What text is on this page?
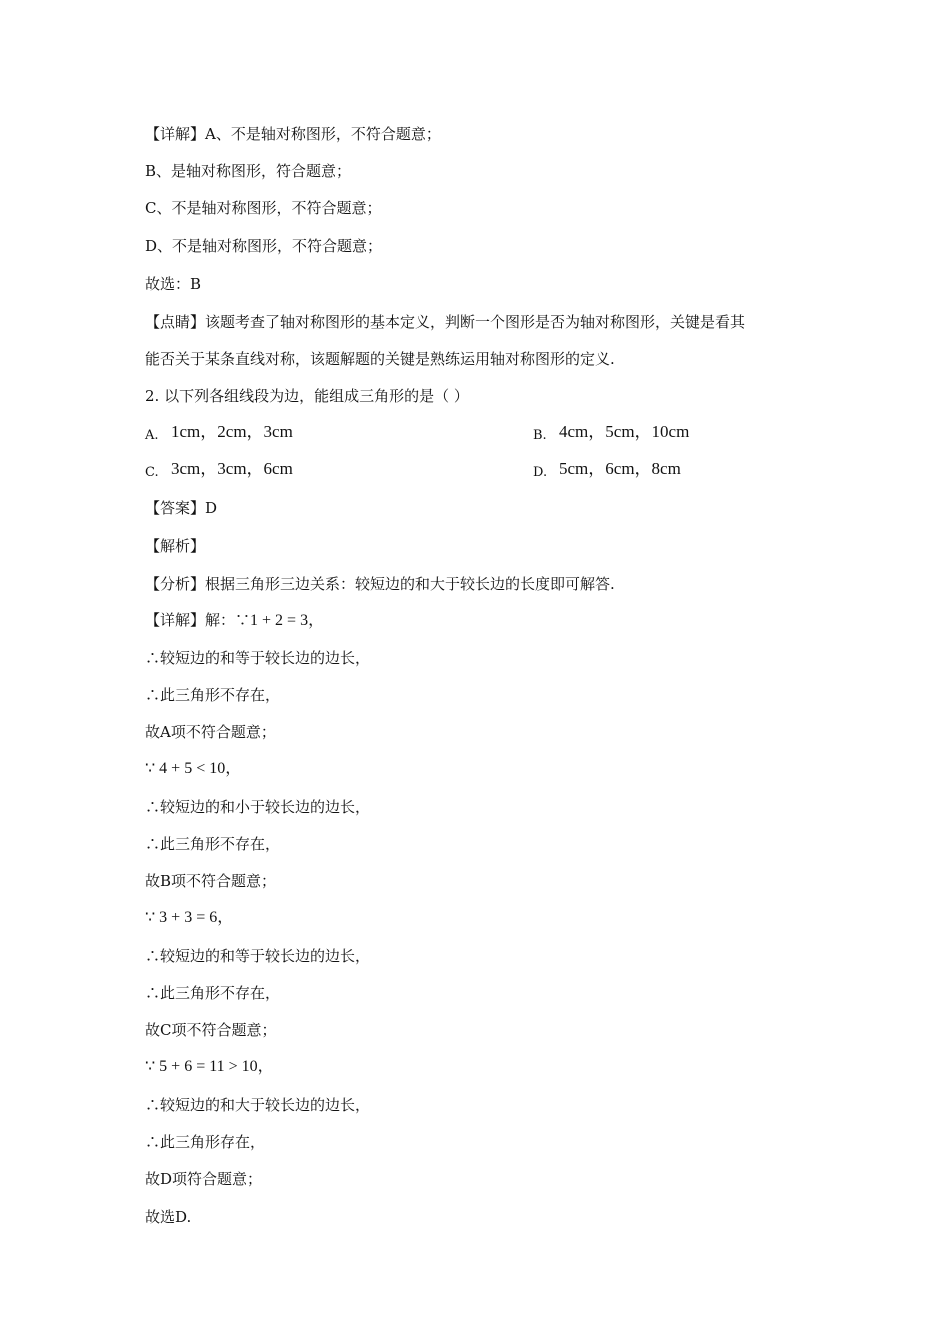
【详解】A、不是轴对称图形，不符合题意；
B、是轴对称图形，符合题意；
C、不是轴对称图形，不符合题意；
D、不是轴对称图形，不符合题意；
故选：B
【点睛】该题考查了轴对称图形的基本定义，判断一个图形是否为轴对称图形，关键是看其
能否关于某条直线对称，该题解题的关键是熟练运用轴对称图形的定义.
2. 以下列各组线段为边，能组成三角形的是（ ）
A. 1cm，2cm，3cm	B. 4cm，5cm，10cm
C. 3cm，3cm，6cm	D. 5cm，6cm，8cm
【答案】D
【解析】
【分析】根据三角形三边关系：较短边的和大于较长边的长度即可解答.
【详解】解：∵1 + 2 = 3，
∴较短边的和等于较长边的边长，
∴此三角形不存在，
故A项不符合题意；
∵ 4 + 5 < 10，
∴较短边的和小于较长边的边长，
∴此三角形不存在，
故B项不符合题意；
∵ 3 + 3 = 6，
∴较短边的和等于较长边的边长，
∴此三角形不存在，
故C项不符合题意；
∵ 5 + 6 = 11 > 10，
∴较短边的和大于较长边的边长，
∴此三角形存在，
故D项符合题意；
故选D.
